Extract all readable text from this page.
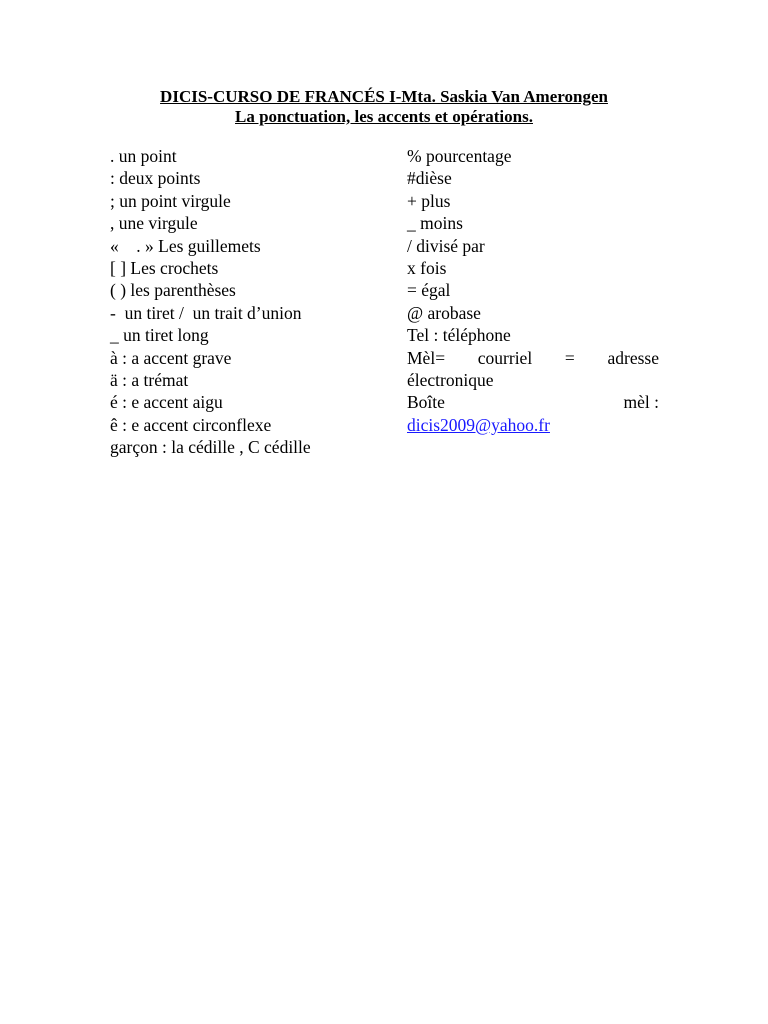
DICIS-CURSO DE FRANCÉS I-Mta. Saskia Van Amerongen
La ponctuation, les accents et opérations.
. un point
: deux points
; un point virgule
, une virgule
«    . » Les guillemets
[ ] Les crochets
( ) les parenthèses
-  un tiret /  un trait d’union
_ un tiret long
à : a accent grave
ä : a trémat
é : e accent aigu
ê : e accent circonflexe
garçon : la cédille , C cédille
% pourcentage
#dièse
+ plus
_ moins
/ divisé par
x fois
= égal
@ arobase
Tel : téléphone
Mèl= courriel = adresse
électronique
Boîte	mèl :
dicis2009@yahoo.fr
